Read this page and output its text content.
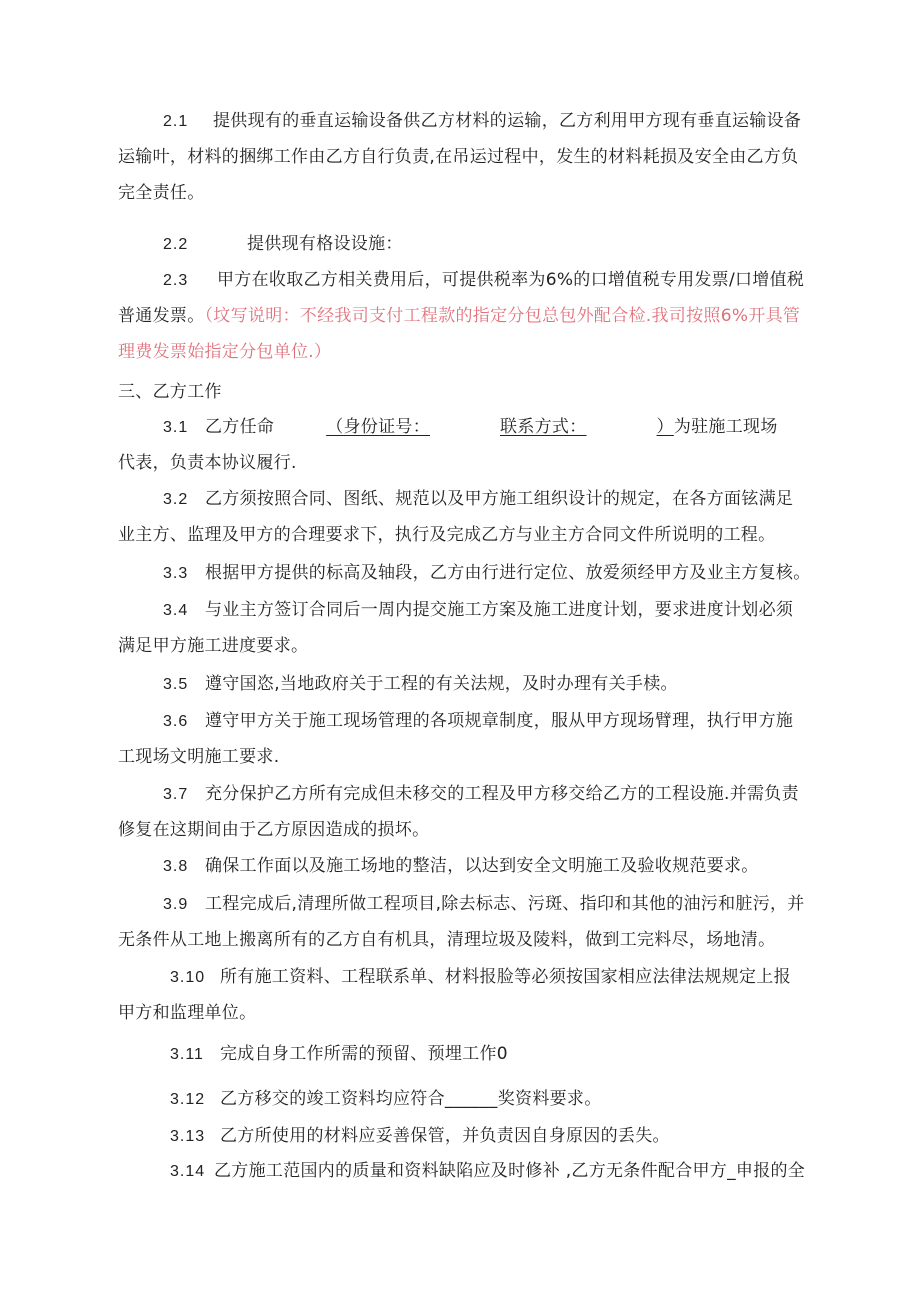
2.1 提供现有的垂直运输设备供乙方材料的运输，乙方利用甲方现有垂直运输设备
运输叶，材料的捆绑工作由乙方自行负责,在吊运过程中，发生的材料耗损及安全由乙方负
完全责任。
2.2	提供现有格设设施：
2.3 甲方在收取乙方相关费用后，可提供税率为6%的口增值税专用发票/口增值税
普通发票。（坟写说明：不经我司支付工程款的指定分包总包外配合检.我司按照6%开具管
理费发票始指定分包单位.）
三、乙方工作
3.1 乙方任命	（身份证号：	联系方式：	）为驻施工现场
代表，负责本协议履行.
3.2 乙方须按照合同、图纸、规范以及甲方施工组织设计的规定，在各方面铉满足
业主方、监理及甲方的合理要求下，执行及完成乙方与业主方合同文件所说明的工程。
3.3 根据甲方提供的标高及轴段，乙方由行进行定位、放爱须经甲方及业主方复核。
3.4 与业主方签订合同后一周内提交施工方案及施工进度计划，要求进度计划必须
满足甲方施工进度要求。
3.5 遵守国恣,当地政府关于工程的有关法规，及时办理有关手椟。
3.6 遵守甲方关于施工现场管理的各项规章制度，服从甲方现场臂理，执行甲方施
工现场文明施工要求.
3.7 充分保护乙方所有完成但未移交的工程及甲方移交给乙方的工程设施.并需负责
修复在这期间由于乙方原因造成的损坏。
3.8 确保工作面以及施工场地的整洁，以达到安全文明施工及验收规范要求。
3.9 工程完成后,清理所做工程项目,除去标志、污斑、指印和其他的油污和脏污，并
无条件从工地上搬离所有的乙方自有机具，清理垃圾及陵料，做到工完料尽，场地清。
3.10 所有施工资料、工程联系单、材料报脸等必须按国家相应法律法规规定上报
甲方和监理单位。
3.11 完成自身工作所需的预留、预埋工作0
3.12 乙方移交的竣工资料均应符合______奖资料要求。
3.13 乙方所使用的材料应妥善保管，并负责因自身原因的丢失。
3.14 乙方施工范国内的质量和资料缺陷应及时修补 ,乙方无条件配合甲方_申报的全
